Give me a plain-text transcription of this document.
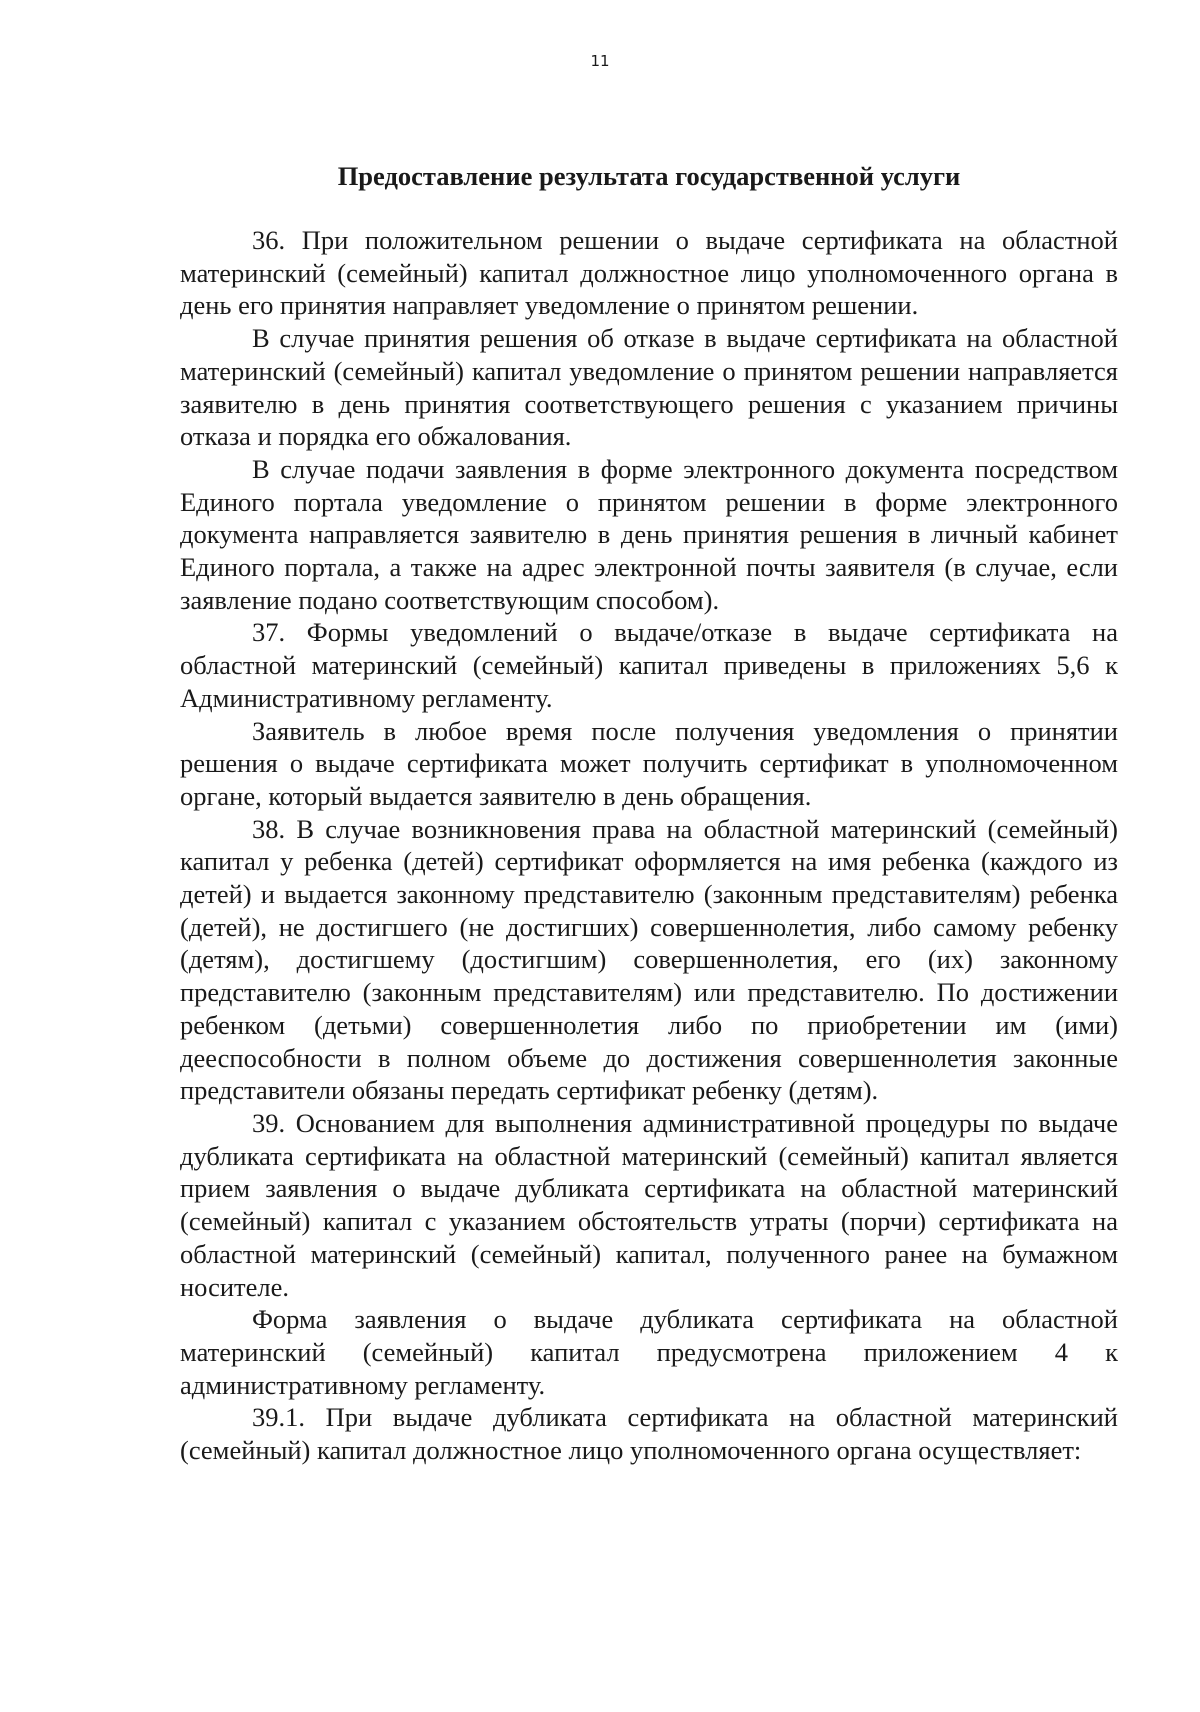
11
Предоставление результата государственной услуги

36. При положительном решении о выдаче сертификата на областной материнский (семейный) капитал должностное лицо уполномоченного органа в день его принятия направляет уведомление о принятом решении.

В случае принятия решения об отказе в выдаче сертификата на областной материнский (семейный) капитал уведомление о принятом решении направляется заявителю в день принятия соответствующего решения с указанием причины отказа и порядка его обжалования.

В случае подачи заявления в форме электронного документа посредством Единого портала уведомление о принятом решении в форме электронного документа направляется заявителю в день принятия решения в личный кабинет Единого портала, а также на адрес электронной почты заявителя (в случае, если заявление подано соответствующим способом).

37. Формы уведомлений о выдаче/отказе в выдаче сертификата на областной материнский (семейный) капитал приведены в приложениях 5,6 к Административному регламенту.

Заявитель в любое время после получения уведомления о принятии решения о выдаче сертификата может получить сертификат в уполномоченном органе, который выдается заявителю в день обращения.

38. В случае возникновения права на областной материнский (семейный) капитал у ребенка (детей) сертификат оформляется на имя ребенка (каждого из детей) и выдается законному представителю (законным представителям) ребенка (детей), не достигшего (не достигших) совершеннолетия, либо самому ребенку (детям), достигшему (достигшим) совершеннолетия, его (их) законному представителю (законным представителям) или представителю. По достижении ребенком (детьми) совершеннолетия либо по приобретении им (ими) дееспособности в полном объеме до достижения совершеннолетия законные представители обязаны передать сертификат ребенку (детям).

39. Основанием для выполнения административной процедуры по выдаче дубликата сертификата на областной материнский (семейный) капитал является прием заявления о выдаче дубликата сертификата на областной материнский (семейный) капитал с указанием обстоятельств утраты (порчи) сертификата на областной материнский (семейный) капитал, полученного ранее на бумажном носителе.

Форма заявления о выдаче дубликата сертификата на областной материнский (семейный) капитал предусмотрена приложением 4 к административному регламенту.

39.1. При выдаче дубликата сертификата на областной материнский (семейный) капитал должностное лицо уполномоченного органа осуществляет:
